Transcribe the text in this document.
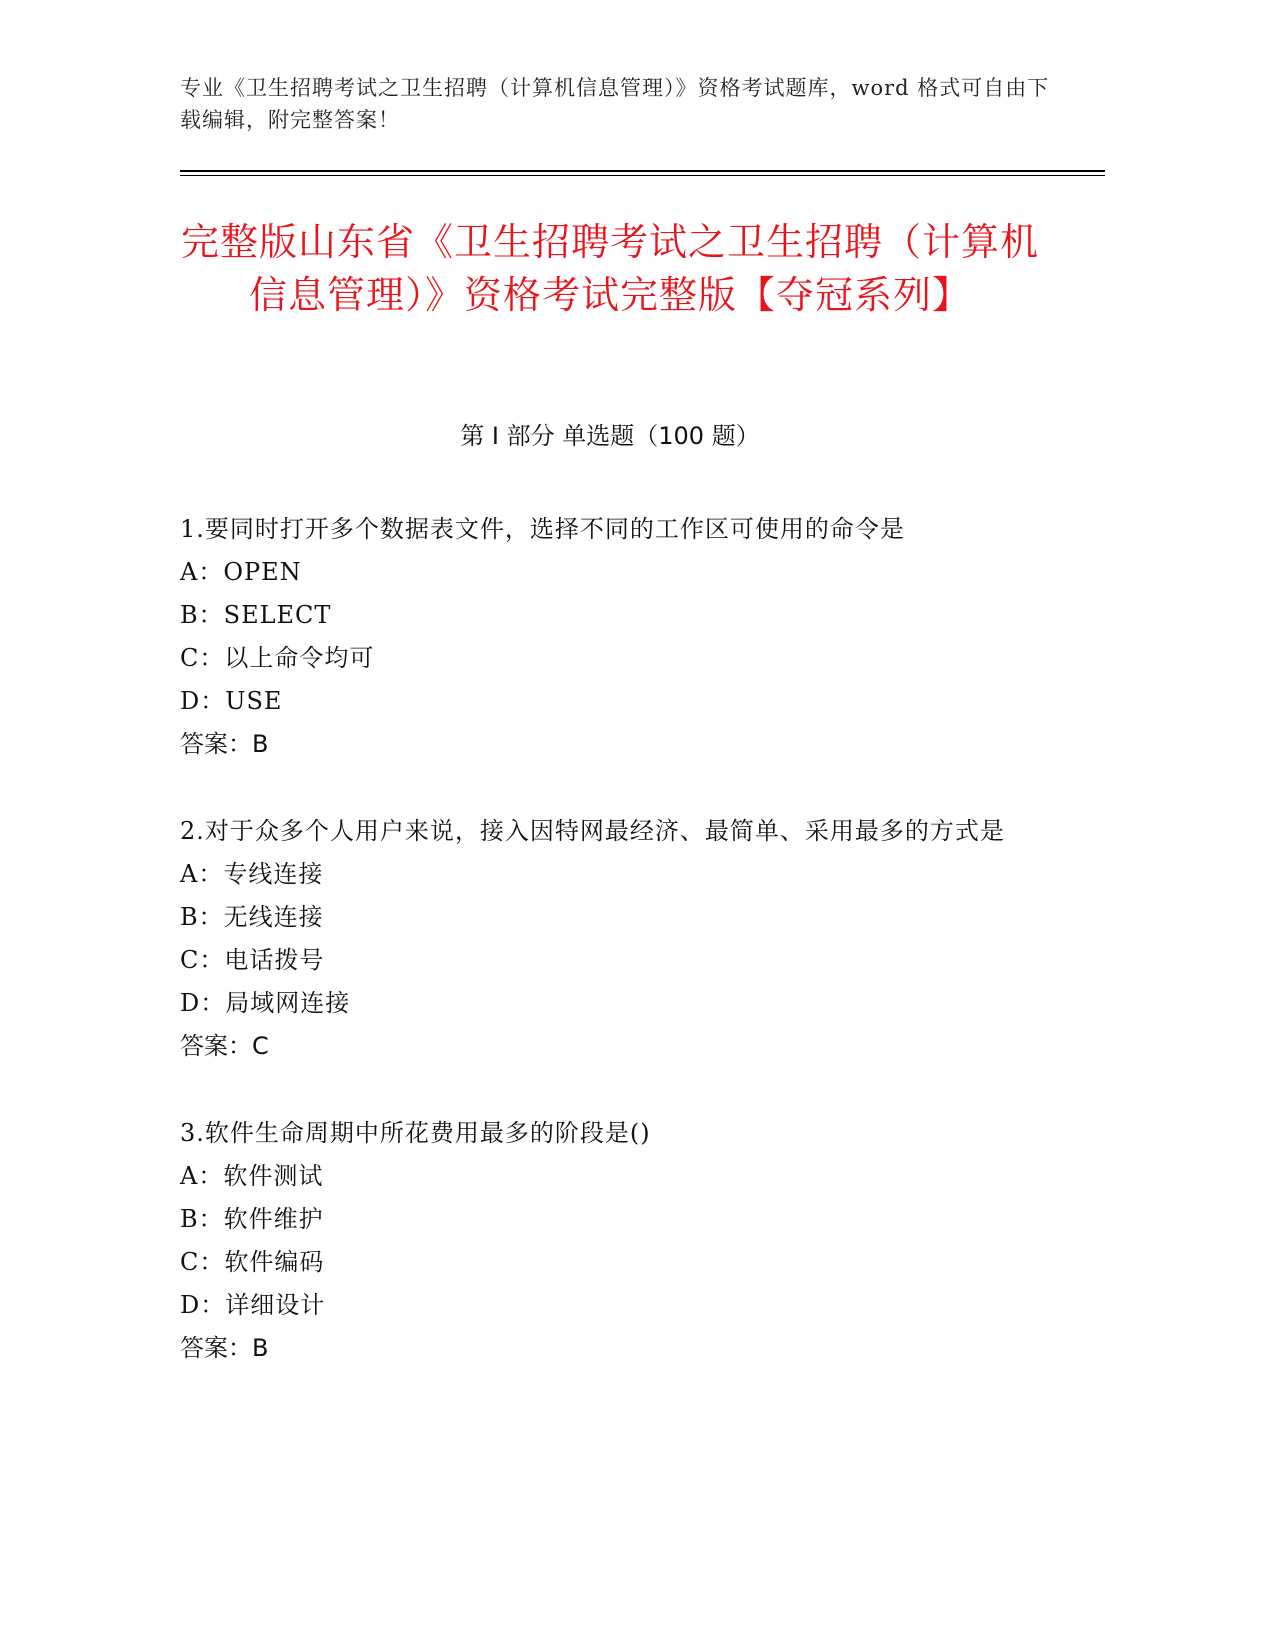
专业《卫生招聘考试之卫生招聘（计算机信息管理）》资格考试题库，word 格式可自由下载编辑，附完整答案！
完整版山东省《卫生招聘考试之卫生招聘（计算机信息管理）》资格考试完整版【夺冠系列】
第 I 部分 单选题（100 题）

1.要同时打开多个数据表文件，选择不同的工作区可使用的命令是

A：OPEN

B：SELECT

C：以上命令均可

D：USE

答案：B

2.对于众多个人用户来说，接入因特网最经济、最简单、采用最多的方式是

A：专线连接

B：无线连接

C：电话拨号

D：局域网连接

答案：C

3.软件生命周期中所花费用最多的阶段是()

A：软件测试

B：软件维护

C：软件编码

D：详细设计

答案：B
